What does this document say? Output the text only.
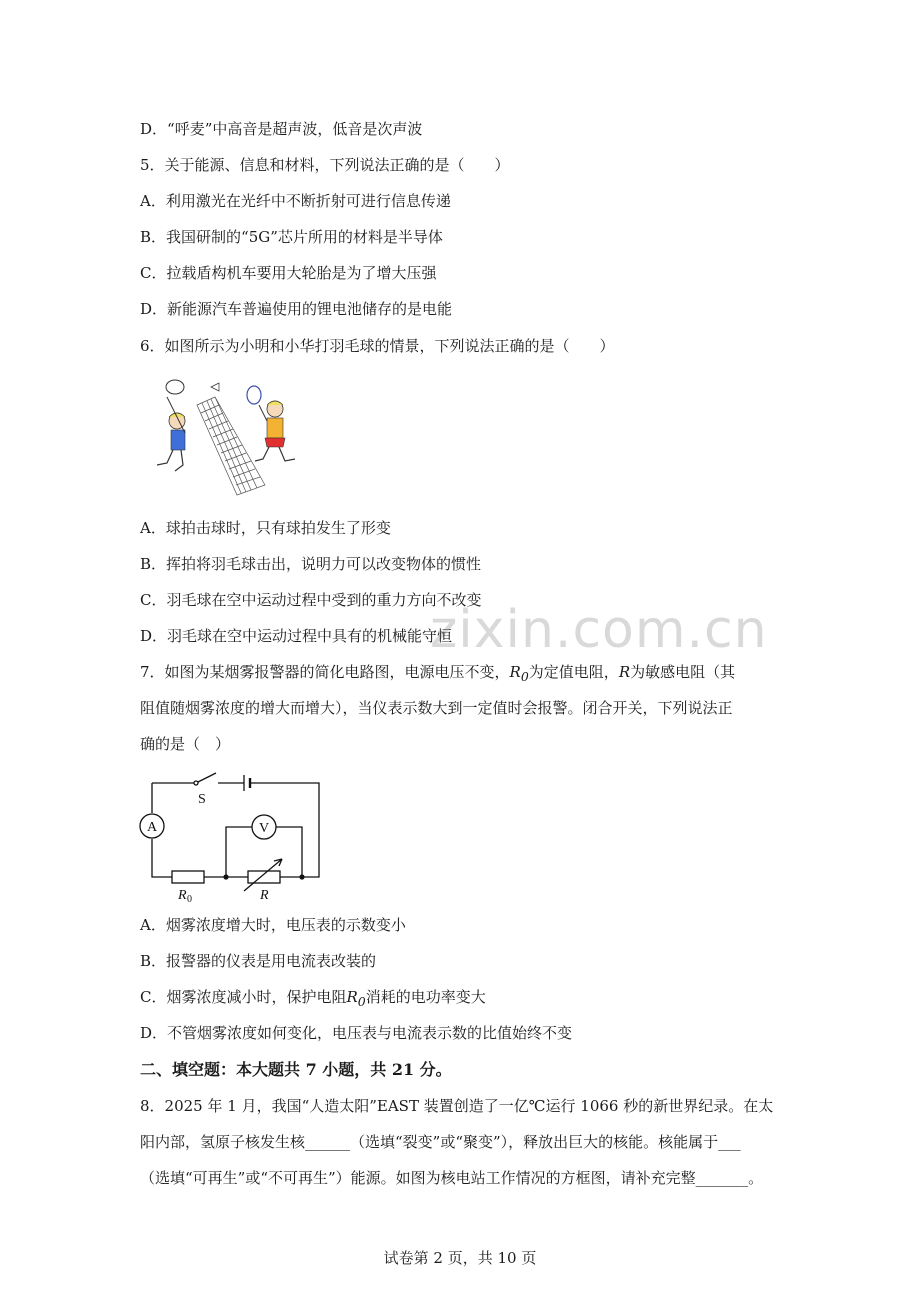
zixin.com.cn
D．“呼麦”中高音是超声波，低音是次声波
5．关于能源、信息和材料，下列说法正确的是（　　）
A．利用激光在光纤中不断折射可进行信息传递
B．我国研制的“5G”芯片所用的材料是半导体
C．拉载盾构机车要用大轮胎是为了增大压强
D．新能源汽车普遍使用的锂电池储存的是电能
6．如图所示为小明和小华打羽毛球的情景，下列说法正确的是（　　）
A．球拍击球时，只有球拍发生了形变
B．挥拍将羽毛球击出，说明力可以改变物体的惯性
C．羽毛球在空中运动过程中受到的重力方向不改变
D．羽毛球在空中运动过程中具有的机械能守恒
7．如图为某烟雾报警器的简化电路图，电源电压不变，$R_0$为定值电阻，R为敏感电阻（其
阻值随烟雾浓度的增大而增大），当仪表示数大到一定值时会报警。闭合开关，下列说法正
确的是（　）
S
A	V
R 0	R
A．烟雾浓度增大时，电压表的示数变小
B．报警器的仪表是用电流表改装的
C．烟雾浓度减小时，保护电阻$R_0$消耗的电功率变大
D．不管烟雾浓度如何变化，电压表与电流表示数的比值始终不变
二、填空题：本大题共 7 小题，共 21 分。
8．2025 年 1 月，我国“人造太阳”EAST 装置创造了一亿℃运行 1066 秒的新世界纪录。在太
阳内部，氢原子核发生核______（选填“裂变”或“聚变”），释放出巨大的核能。核能属于___
（选填“可再生”或“不可再生”）能源。如图为核电站工作情况的方框图，请补充完整_______。
试卷第 2 页，共 10 页
